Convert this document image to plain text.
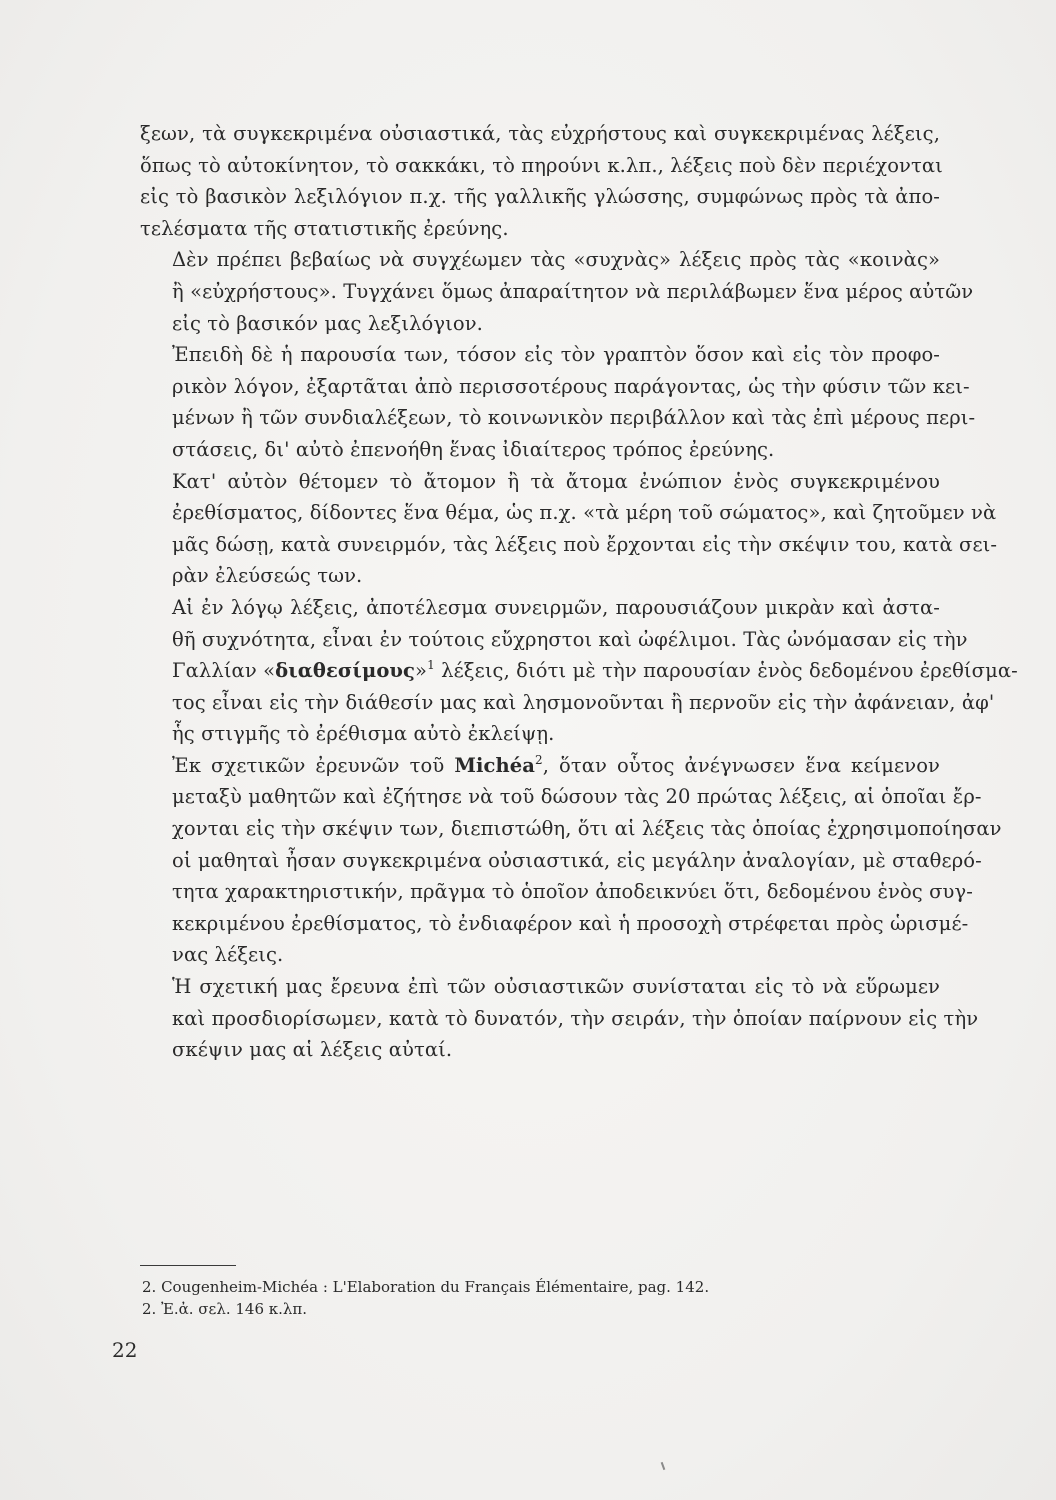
ξεων, τὰ συγκεκριμένα οὐσιαστικά, τὰς εὐχρήστους καὶ συγκεκριμένας λέξεις,
ὅπως τὸ αὐτοκίνητον, τὸ σακκάκι, τὸ πηρούνι κ.λπ., λέξεις ποὺ δὲν περιέχονται
εἰς τὸ βασικὸν λεξιλόγιον π.χ. τῆς γαλλικῆς γλώσσης, συμφώνως πρὸς τὰ ἀπο-
τελέσματα τῆς στατιστικῆς ἐρεύνης.

Δὲν πρέπει βεβαίως νὰ συγχέωμεν τὰς «συχνὰς» λέξεις πρὸς τὰς «κοινὰς»
ἢ «εὐχρήστους». Τυγχάνει ὅμως ἀπαραίτητον νὰ περιλάβωμεν ἕνα μέρος αὐτῶν
εἰς τὸ βασικόν μας λεξιλόγιον.

Ἐπειδὴ δὲ ἡ παρουσία των, τόσον εἰς τὸν γραπτὸν ὅσον καὶ εἰς τὸν προφο-
ρικὸν λόγον, ἐξαρτᾶται ἀπὸ περισσοτέρους παράγοντας, ὡς τὴν φύσιν τῶν κει-
μένων ἢ τῶν συνδιαλέξεων, τὸ κοινωνικὸν περιβάλλον καὶ τὰς ἐπὶ μέρους περι-
στάσεις, δι' αὐτὸ ἐπενοήθη ἕνας ἰδιαίτερος τρόπος ἐρεύνης.

Κατ' αὐτὸν θέτομεν τὸ ἄτομον ἢ τὰ ἄτομα ἐνώπιον ἑνὸς συγκεκριμένου
ἐρεθίσματος, δίδοντες ἕνα θέμα, ὡς π.χ. «τὰ μέρη τοῦ σώματος», καὶ ζητοῦμεν νὰ
μᾶς δώσῃ, κατὰ συνειρμόν, τὰς λέξεις ποὺ ἔρχονται εἰς τὴν σκέψιν του, κατὰ σει-
ρὰν ἐλεύσεώς των.

Αἱ ἐν λόγῳ λέξεις, ἀποτέλεσμα συνειρμῶν, παρουσιάζουν μικρὰν καὶ ἀστα-
θῆ συχνότητα, εἶναι ἐν τούτοις εὔχρηστοι καὶ ὠφέλιμοι. Τὰς ὠνόμασαν εἰς τὴν
Γαλλίαν «διαθεσίμους»$^1$ λέξεις, διότι μὲ τὴν παρουσίαν ἑνὸς δεδομένου ἐρεθίσμα-
τος εἶναι εἰς τὴν διάθεσίν μας καὶ λησμονοῦνται ἢ περνοῦν εἰς τὴν ἀφάνειαν, ἀφ'
ἧς στιγμῆς τὸ ἐρέθισμα αὐτὸ ἐκλείψῃ.

Ἐκ σχετικῶν ἐρευνῶν τοῦ Michéa$^2$, ὅταν οὗτος ἀνέγνωσεν ἕνα κείμενον
μεταξὺ μαθητῶν καὶ ἐζήτησε νὰ τοῦ δώσουν τὰς 20 πρώτας λέξεις, αἱ ὁποῖαι ἔρ-
χονται εἰς τὴν σκέψιν των, διεπιστώθη, ὅτι αἱ λέξεις τὰς ὁποίας ἐχρησιμοποίησαν
οἱ μαθηταὶ ἦσαν συγκεκριμένα οὐσιαστικά, εἰς μεγάλην ἀναλογίαν, μὲ σταθερό-
τητα χαρακτηριστικήν, πρᾶγμα τὸ ὁποῖον ἀποδεικνύει ὅτι, δεδομένου ἑνὸς συγ-
κεκριμένου ἐρεθίσματος, τὸ ἐνδιαφέρον καὶ ἡ προσοχὴ στρέφεται πρὸς ὡρισμέ-
νας λέξεις.

Ἡ σχετική μας ἔρευνα ἐπὶ τῶν οὐσιαστικῶν συνίσταται εἰς τὸ νὰ εὕρωμεν
καὶ προσδιορίσωμεν, κατὰ τὸ δυνατόν, τὴν σειράν, τὴν ὁποίαν παίρνουν εἰς τὴν
σκέψιν μας αἱ λέξεις αὐταί.

2. Cougenheim-Michéa : L'Elaboration du Français Élémentaire, pag. 142.
2. Ἐ.ἀ. σελ. 146 κ.λπ.
22
